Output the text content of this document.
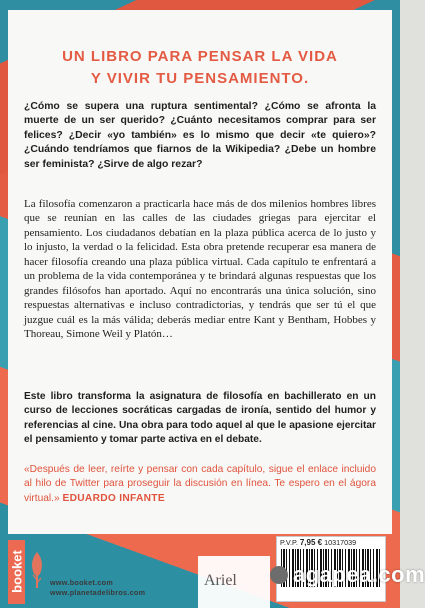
UN LIBRO PARA PENSAR LA VIDA
Y VIVIR TU PENSAMIENTO.

¿Cómo se supera una ruptura sentimental? ¿Cómo se afronta la muerte de un ser querido? ¿Cuánto necesitamos comprar para ser felices? ¿Decir «yo también» es lo mismo que decir «te quiero»? ¿Cuándo tendríamos que fiarnos de la Wikipedia? ¿Debe un hombre ser feminista? ¿Sirve de algo rezar?

La filosofía comenzaron a practicarla hace más de dos milenios hombres libres que se reunían en las calles de las ciudades griegas para ejercitar el pensamiento. Los ciudadanos debatían en la plaza pública acerca de lo justo y lo injusto, la verdad o la felicidad. Esta obra pretende recuperar esa manera de hacer filosofía creando una plaza pública virtual. Cada capítulo te enfrentará a un problema de la vida contemporánea y te brindará algunas respuestas que los grandes filósofos han aportado. Aquí no encontrarás una única solución, sino respuestas alternativas e incluso contradictorias, y tendrás que ser tú el que juzgue cuál es la más válida; deberás mediar entre Kant y Bentham, Hobbes y Thoreau, Simone Weil y Platón…

Este libro transforma la asignatura de filosofía en bachillerato en un curso de lecciones socráticas cargadas de ironía, sentido del humor y referencias al cine. Una obra para todo aquel al que le apasione ejercitar el pensamiento y tomar parte activa en el debate.

«Después de leer, reírte y pensar con cada capítulo, sigue el enlace incluido al hilo de Twitter para proseguir la discusión en línea. Te espero en el ágora virtual.» EDUARDO INFANTE

booket	www.booket.com
www.planetadelibros.com
Ariel
P.V.P. 7,95 € 10317039
agapea.com
